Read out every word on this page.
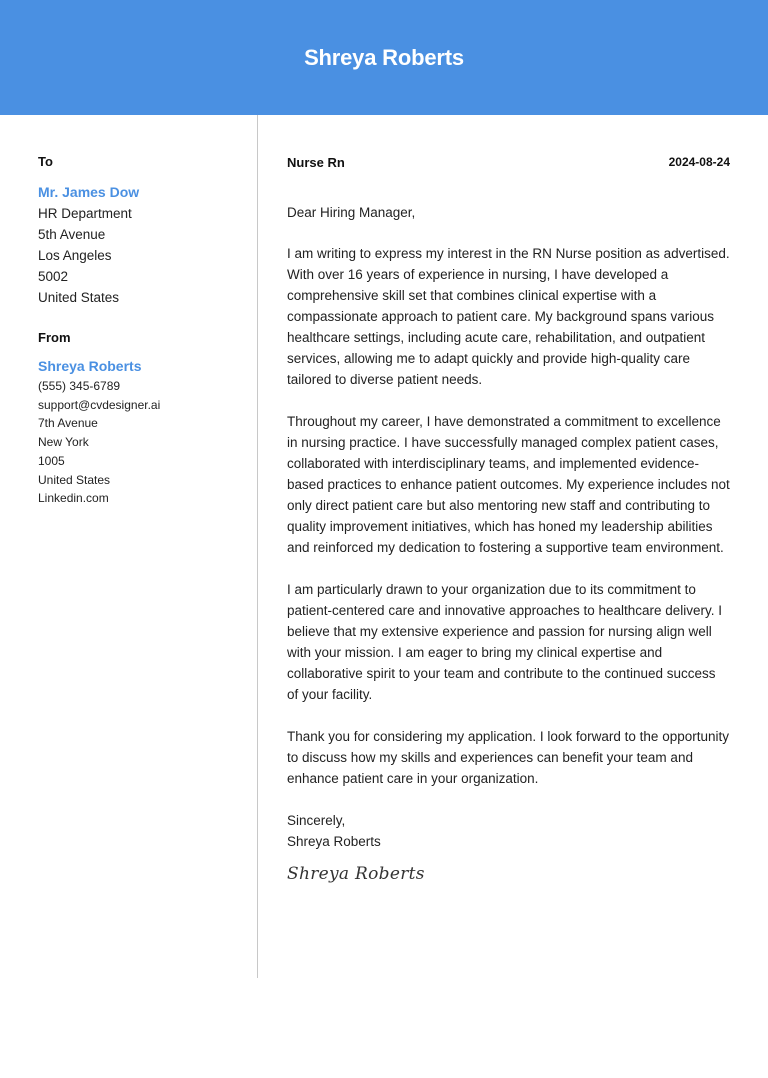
Shreya Roberts
To
Mr. James Dow
HR Department
5th Avenue
Los Angeles
5002
United States
From
Shreya Roberts
(555) 345-6789
support@cvdesigner.ai
7th Avenue
New York
1005
United States
Linkedin.com
Nurse Rn	2024-08-24
Dear Hiring Manager,

I am writing to express my interest in the RN Nurse position as advertised. With over 16 years of experience in nursing, I have developed a comprehensive skill set that combines clinical expertise with a compassionate approach to patient care. My background spans various healthcare settings, including acute care, rehabilitation, and outpatient services, allowing me to adapt quickly and provide high-quality care tailored to diverse patient needs.

Throughout my career, I have demonstrated a commitment to excellence in nursing practice. I have successfully managed complex patient cases, collaborated with interdisciplinary teams, and implemented evidence-based practices to enhance patient outcomes. My experience includes not only direct patient care but also mentoring new staff and contributing to quality improvement initiatives, which has honed my leadership abilities and reinforced my dedication to fostering a supportive team environment.

I am particularly drawn to your organization due to its commitment to patient-centered care and innovative approaches to healthcare delivery. I believe that my extensive experience and passion for nursing align well with your mission. I am eager to bring my clinical expertise and collaborative spirit to your team and contribute to the continued success of your facility.

Thank you for considering my application. I look forward to the opportunity to discuss how my skills and experiences can benefit your team and enhance patient care in your organization.

Sincerely,
Shreya Roberts
Shreya Roberts
